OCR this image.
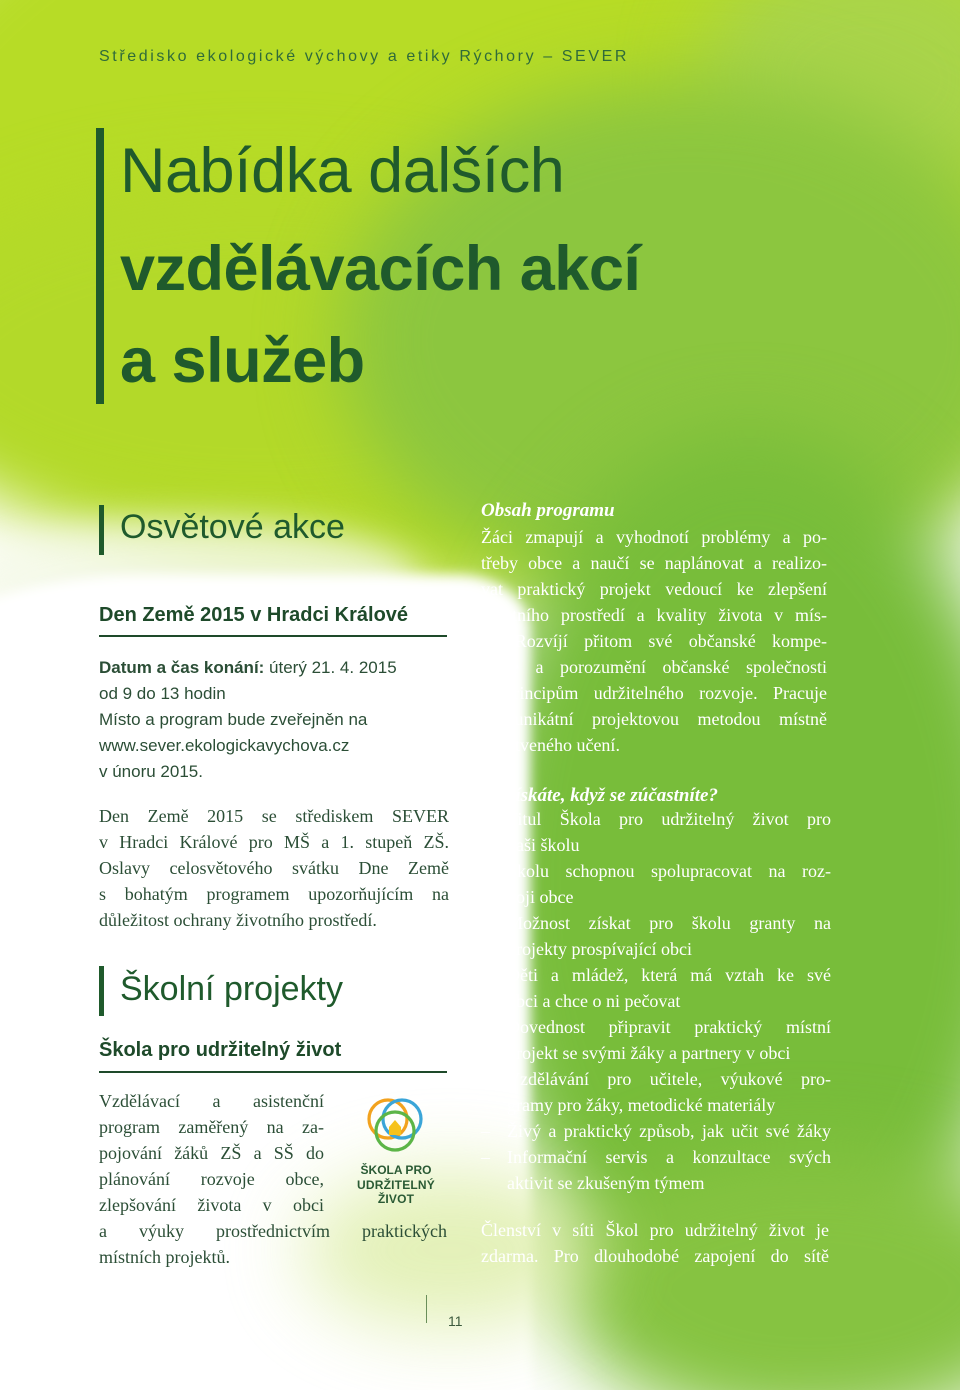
Středisko ekologické výchovy a etiky Rýchory – SEVER
Nabídka dalších
vzdělávacích akcí
a služeb
Osvětové akce
Den Země 2015 v Hradci Králové
Datum a čas konání: úterý 21. 4. 2015
od 9 do 13 hodin
Místo a program bude zveřejněn na
www.sever.ekologickavychova.cz
v únoru 2015.
Den Země 2015 se střediskem SEVER
v Hradci Králové pro MŠ a 1. stupeň ZŠ.
Oslavy celosvětového svátku Dne Země
s bohatým programem upozorňujícím na
důležitost ochrany životního prostředí.
Školní projekty
Škola pro udržitelný život
Vzdělávací a asistenční
program zaměřený na za-
pojování žáků ZŠ a SŠ do
plánování rozvoje obce,
zlepšování života v obci
a výuky prostřednictvím praktických
místních projektů.
ŠKOLA PRO
UDRŽITELNÝ ŽIVOT
Obsah programu
Žáci zmapují a vyhodnotí problémy a po-
třeby obce a naučí se naplánovat a realizo-
vat praktický projekt vedoucí ke zlepšení
životního prostředí a kvality života v mís-
tě. Rozvíjí přitom své občanské kompe-
tence a porozumění občanské společnosti
a principům udržitelného rozvoje. Pracuje
se unikátní projektovou metodou místně
zakotveného učení.
Co získáte, když se zúčastníte?
– Titul Škola pro udržitelný život pro
vaši školu
– Školu schopnou spolupracovat na roz-
voji obce
– Možnost získat pro školu granty na
projekty prospívající obci
– Děti a mládež, která má vztah ke své
obci a chce o ni pečovat
– Dovednost připravit praktický místní
projekt se svými žáky a partnery v obci
– Vzdělávání pro učitele, výukové pro-
gramy pro žáky, metodické materiály
– Živý a praktický způsob, jak učit své žáky
– Informační servis a konzultace svých
aktivit se zkušeným týmem
Členství v síti Škol pro udržitelný život je
zdarma. Pro dlouhodobé zapojení do sítě
11
